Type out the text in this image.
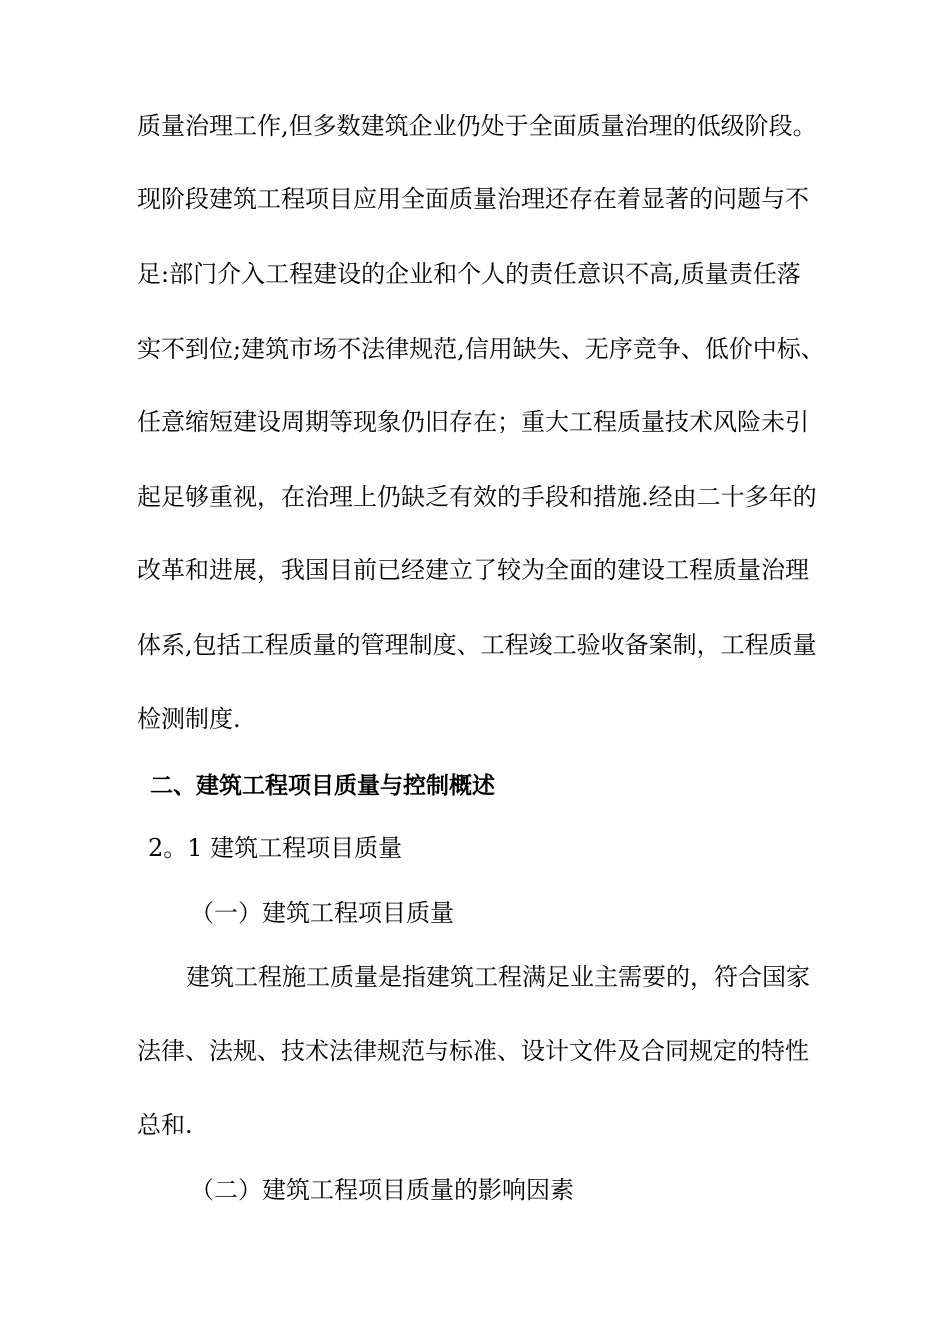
质量治理工作,但多数建筑企业仍处于全面质量治理的低级阶段。
现阶段建筑工程项目应用全面质量治理还存在着显著的问题与不
足:部门介入工程建设的企业和个人的责任意识不高,质量责任落
实不到位;建筑市场不法律规范,信用缺失、无序竞争、低价中标、
任意缩短建设周期等现象仍旧存在；重大工程质量技术风险未引
起足够重视，在治理上仍缺乏有效的手段和措施.经由二十多年的
改革和进展，我国目前已经建立了较为全面的建设工程质量治理
体系,包括工程质量的管理制度、工程竣工验收备案制，工程质量
检测制度.
二、建筑工程项目质量与控制概述
2。1 建筑工程项目质量
（一）建筑工程项目质量
建筑工程施工质量是指建筑工程满足业主需要的，符合国家
法律、法规、技术法律规范与标准、设计文件及合同规定的特性
总和.
（二）建筑工程项目质量的影响因素
